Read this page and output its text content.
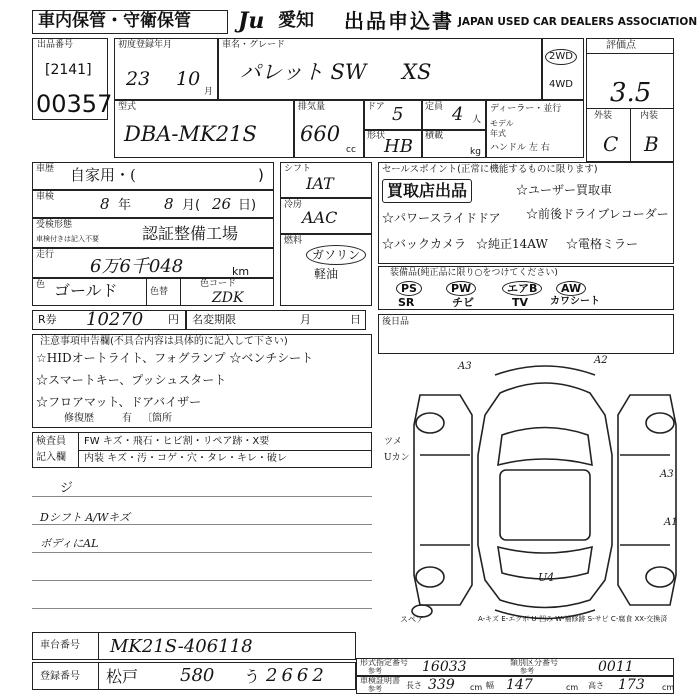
車内保管・守衛保管 Ju 愛知 出品申込書 JAPAN USED CAR DEALERS ASSOCIATION
出品番号
[2141]
00357
初度登録年月
23 10
月
車名・グレード
パレット SW XS
2WD
4WD
評価点
3.5
外装	内装
C B
型式
DBA-MK21S
排気量
660
cc
ドア 5 定員 4 人
形状
HB 積載
kg
ディーラー・並行
モデル
年式
ハンドル 左 右
車歴 自家用・(	)
車検	8 年 8 月( 26 日)
受検形態
車検付きは記入不要	認証整備工場
走行
6万6千048	km
色 ゴールド	色替
色コード
ZDK
R券 10270 円 名変期限	月	日
シフト
IAT
冷房
AAC
燃料
ガソリン
軽油
セールスポイント(正常に機能するものに限ります)
買取店出品	☆ユーザー買取車
☆パワースライドドア ☆前後ドライブレコーダー
☆バックカメラ ☆純正14AW ☆電格ミラー
装備品(純正品に限り○をつけてください)
PS	PW	エアB	AW
SR	チビ	TV カワシート
注意事項申告欄(不具合内容は具体的に記入して下さい)
☆HIDオートライト、フォグランプ ☆ベンチシート
☆スマートキー、プッシュスタート
☆フロアマット、ドアバイザー
修復歴	有 〔箇所
検査員
記入欄
FW キズ・飛石・ヒビ割・リペア跡・X要
内装 キズ・汚・コゲ・穴・タレ・キレ・破レ
ジ
Dシフト A/Wキズ
ボディにAL
後日品
ツメ
Uカン
A3
A2
A3
U4
A1
スペア	A-キズ E-エクボ U-凹み W-補修跡 S-サビ C-腐食 XX-交換済
車台番号 MK21S-406118
登録番号 松戸 580 う 2662
形式指定番号
参考	16033	類別区分番号
参考	0011
車検証明書
参考	長さ 339 cm 幅 147	cm 高さ 173 cm
